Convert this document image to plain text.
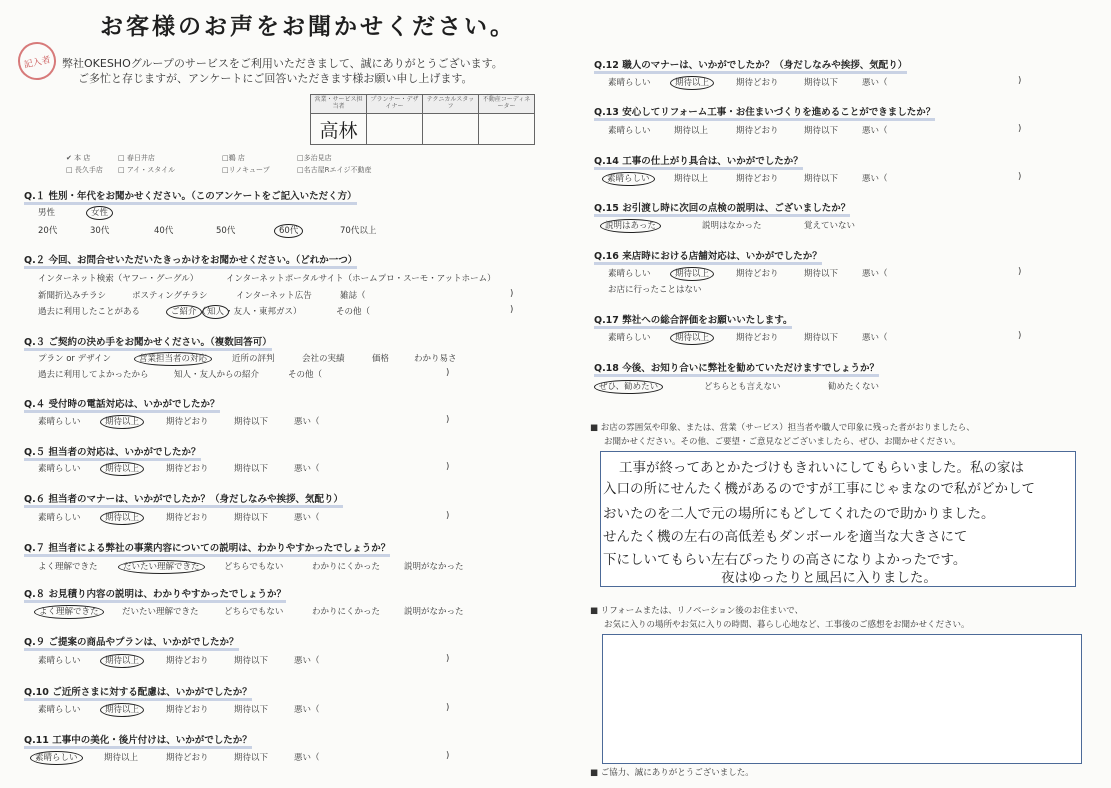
お客様のお声をお聞かせください。
記入者 弊社OKESHOグループのサービスをご利用いただきまして、誠にありがとうございます。
ご多忙と存じますが、アンケートにご回答いただきます様お願い申し上げます。
営業・サービス担当者	プランナー・デザイナー	テクニカルスタッフ	不動産コーディネーター
高林			
✔ 本 店	□ 春日井店	□鵜 店	□多治見店
□ 長久手店 □ アイ・スタイル	□リノキューブ	□名古屋Rエイジ不動産
Q.１ 性別・年代をお聞かせください。（このアンケートをご記入いただく方）
男性	女性
20代	30代	40代	50代	60代	70代以上
Q.２ 今回、お問合せいただいたきっかけをお聞かせください。（どれか一つ）
インターネット検索（ヤフー・グーグル）	インターネットポータルサイト（ホームプロ・スーモ・アットホーム）
新聞折込みチラシ	ポスティングチラシ	インターネット広告	雑誌（	)
過去に利用したことがある	ご紹介（知人・友人・東邦ガス）	その他（	)
Q.３ ご契約の決め手をお聞かせください。（複数回答可）
プラン or デザイン	営業担当者の対応	近所の評判	会社の実績	価格	わかり易さ
過去に利用してよかったから	知人・友人からの紹介	その他（	)
Q.４ 受付時の電話対応は、いかがでしたか？
素晴らしい	期待以上	期待どおり	期待以下	悪い（	)
Q.５ 担当者の対応は、いかがでしたか？
素晴らしい	期待以上	期待どおり	期待以下	悪い（	)
Q.６ 担当者のマナーは、いかがでしたか？（身だしなみや挨拶、気配り）
素晴らしい	期待以上	期待どおり	期待以下	悪い（	)
Q.７ 担当者による弊社の事業内容についての説明は、わかりやすかったでしょうか？
よく理解できた	だいたい理解できた	どちらでもない	わかりにくかった	説明がなかった
Q.８ お見積り内容の説明は、わかりやすかったでしょうか？
よく理解できた	だいたい理解できた	どちらでもない	わかりにくかった	説明がなかった
Q.９ ご提案の商品やプランは、いかがでしたか？
素晴らしい	期待以上	期待どおり	期待以下	悪い（	)
Q.10 ご近所さまに対する配慮は、いかがでしたか？
素晴らしい	期待以上	期待どおり	期待以下	悪い（	)
Q.11 工事中の美化・後片付けは、いかがでしたか？
素晴らしい	期待以上	期待どおり	期待以下	悪い（	)
Q.12 職人のマナーは、いかがでしたか？（身だしなみや挨拶、気配り）
素晴らしい	期待以上	期待どおり	期待以下	悪い（	)
Q.13 安心してリフォーム工事・お住まいづくりを進めることができましたか？
素晴らしい	期待以上	期待どおり	期待以下	悪い（	)
Q.14 工事の仕上がり具合は、いかがでしたか？
素晴らしい	期待以上	期待どおり	期待以下	悪い（	)
Q.15 お引渡し時に次回の点検の説明は、ございましたか？
説明はあった	説明はなかった	覚えていない
Q.16 来店時における店舗対応は、いかがでしたか？
素晴らしい	期待以上	期待どおり	期待以下	悪い（	)
お店に行ったことはない
Q.17 弊社への総合評価をお願いいたします。
素晴らしい	期待以上	期待どおり	期待以下	悪い（	)
Q.18 今後、お知り合いに弊社を勧めていただけますでしょうか？
ぜひ、勧めたい	どちらとも言えない	勧めたくない
■ お店の雰囲気や印象、または、営業（サービス）担当者や職人で印象に残った者がおりましたら、
お聞かせください。その他、ご要望・ご意見などございましたら、ぜひ、お聞かせください。
工事が終ってあとかたづけもきれいにしてもらいました。私の家は
入口の所にせんたく機があるのですが工事にじゃまなので私がどかして
おいたのを二人で元の場所にもどしてくれたので助かりました。
せんたく機の左右の高低差もダンボールを適当な大きさにて
下にしいてもらい左右ぴったりの高さになりよかったです。
夜はゆったりと風呂に入りました。
■ リフォームまたは、リノベーション後のお住まいで、
お気に入りの場所やお気に入りの時間、暮らし心地など、工事後のご感想をお聞かせください。
■ ご協力、誠にありがとうございました。
